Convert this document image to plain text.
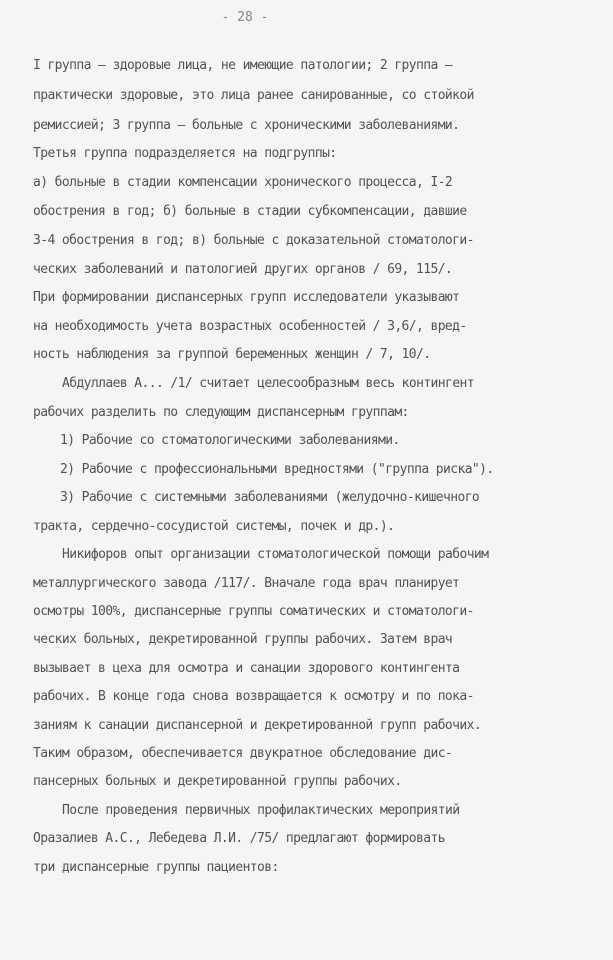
- 28 -
I группа – здоровые лица, не имеющие патологии; 2 группа –
практически здоровые, это лица ранее санированные, со стойкой
ремиссией; 3 группа – больные с хроническими заболеваниями.
Третья группа подразделяется на подгруппы:
а) больные в стадии компенсации хронического процесса, I-2
обострения в год; б) больные в стадии субкомпенсации, давшие
3-4 обострения в год; в) больные с доказательной стоматологи-
ческих заболеваний и патологией других органов / 69, 115/.
При формировании диспансерных групп исследователи указывают
на необходимость учета возрастных особенностей / 3,6/, вред-
ность наблюдения за группой беременных женщин / 7, 10/.
Абдуллаев А... /1/ считает целесообразным весь контингент
рабочих разделить по следующим диспансерным группам:
1) Рабочие со стоматологическими заболеваниями.
2) Рабочие с профессиональными вредностями ("группа риска").
3) Рабочие с системными заболеваниями (желудочно-кишечного
тракта, сердечно-сосудистой системы, почек и др.).
Никифоров опыт организации стоматологической помощи рабочим
металлургического завода /117/. Вначале года врач планирует
осмотры 100%, диспансерные группы соматических и стоматологи-
ческих больных, декретированной группы рабочих. Затем врач
вызывает в цеха для осмотра и санации здорового контингента
рабочих. В конце года снова возвращается к осмотру и по пока-
заниям к санации диспансерной и декретированной групп рабочих.
Таким образом, обеспечивается двукратное обследование дис-
пансерных больных и декретированной группы рабочих.
После проведения первичных профилактических мероприятий
Оразалиев А.С., Лебедева Л.И. /75/ предлагают формировать
три диспансерные группы пациентов:
